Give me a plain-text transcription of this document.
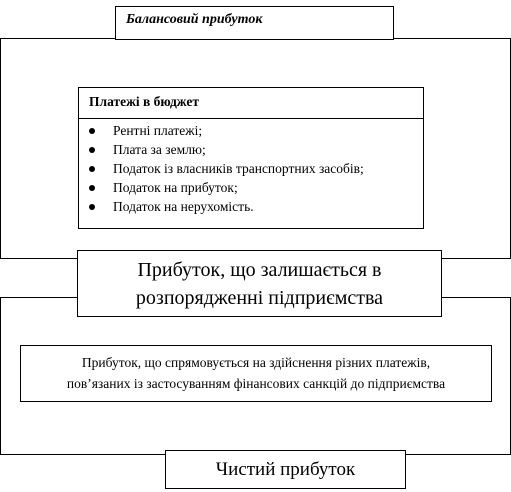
Балансовий прибуток
Платежі в бюджет
Рентні платежі;
Плата за землю;
Податок із власників транспортних засобів;
Податок на прибуток;
Податок на нерухомість.
Прибуток, що залишається в
розпорядженні підприємства
Прибуток, що спрямовується на здійснення різних платежів,
пов’язаних із застосуванням фінансових санкцій до підприємства
Чистий прибуток
